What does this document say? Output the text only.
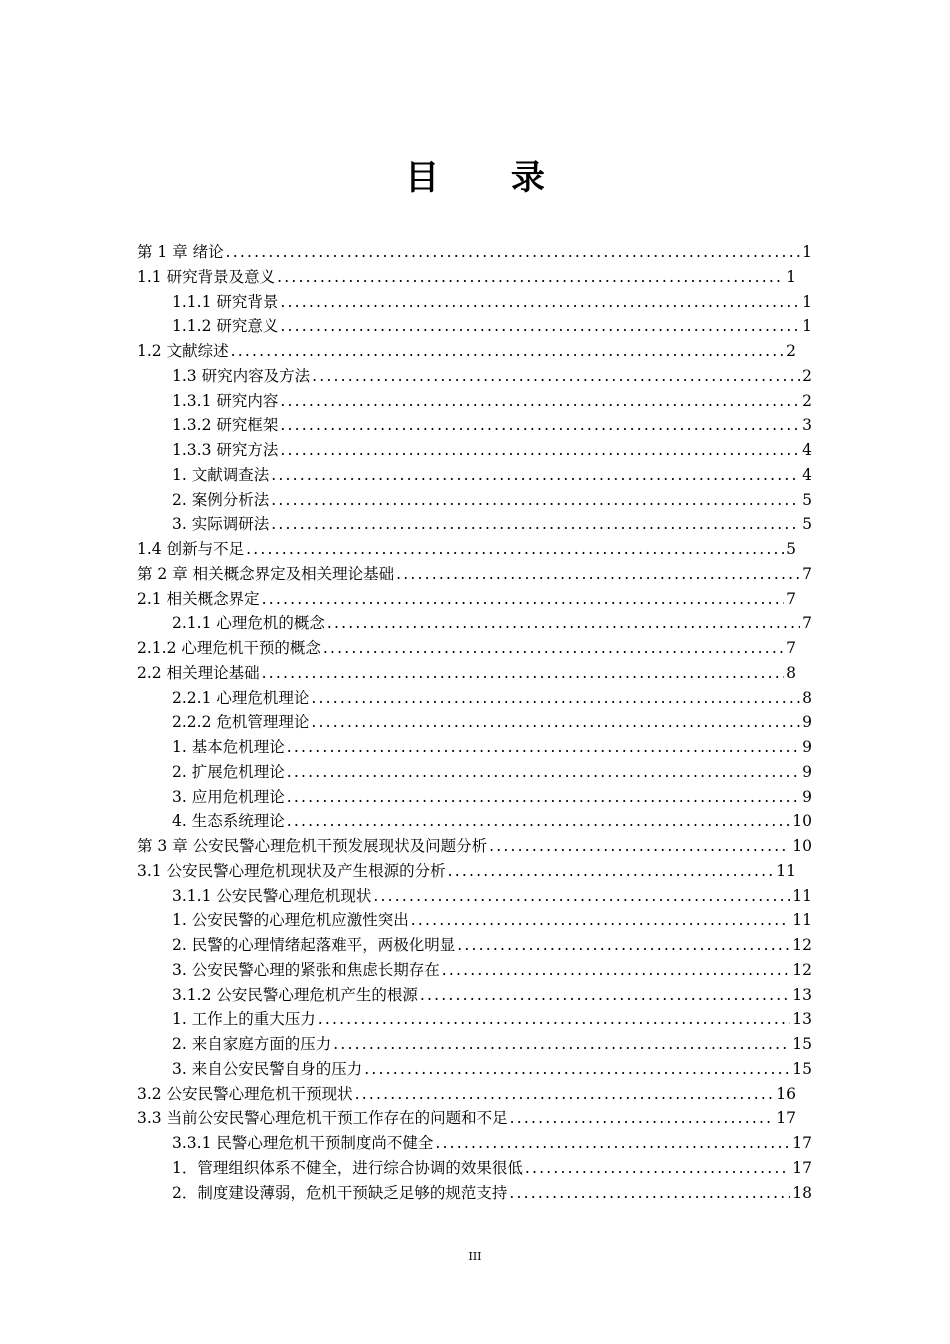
目 录
第 1 章 绪论 .....	1
1.1 研究背景及意义 .....	1
1.1.1 研究背景 .....	1
1.1.2 研究意义 .....	1
1.2 文献综述 .....	2
1.3 研究内容及方法 .....	2
1.3.1 研究内容 .....	2
1.3.2 研究框架 .....	3
1.3.3 研究方法 .....	4
1. 文献调查法 .....	4
2. 案例分析法 .....	5
3. 实际调研法 .....	5
1.4 创新与不足 .....	5
第 2 章 相关概念界定及相关理论基础 .....	7
2.1 相关概念界定 .....	7
2.1.1 心理危机的概念 .....	7
2.1.2 心理危机干预的概念 .....	7
2.2 相关理论基础 .....	8
2.2.1 心理危机理论 .....	8
2.2.2 危机管理理论 .....	9
1. 基本危机理论 .....	9
2. 扩展危机理论 .....	9
3. 应用危机理论 .....	9
4. 生态系统理论 .....	10
第 3 章 公安民警心理危机干预发展现状及问题分析 .....	10
3.1 公安民警心理危机现状及产生根源的分析 .....	11
3.1.1 公安民警心理危机现状 .....	11
1. 公安民警的心理危机应激性突出 .....	11
2. 民警的心理情绪起落难平，两极化明显 .....	12
3. 公安民警心理的紧张和焦虑长期存在 .....	12
3.1.2 公安民警心理危机产生的根源 .....	13
1. 工作上的重大压力 .....	13
2. 来自家庭方面的压力 .....	15
3. 来自公安民警自身的压力 .....	15
3.2 公安民警心理危机干预现状 .....	16
3.3 当前公安民警心理危机干预工作存在的问题和不足 .....	17
3.3.1 民警心理危机干预制度尚不健全 .....	17
1．管理组织体系不健全，进行综合协调的效果很低 .....	17
2．制度建设薄弱，危机干预缺乏足够的规范支持 .....	18
III
